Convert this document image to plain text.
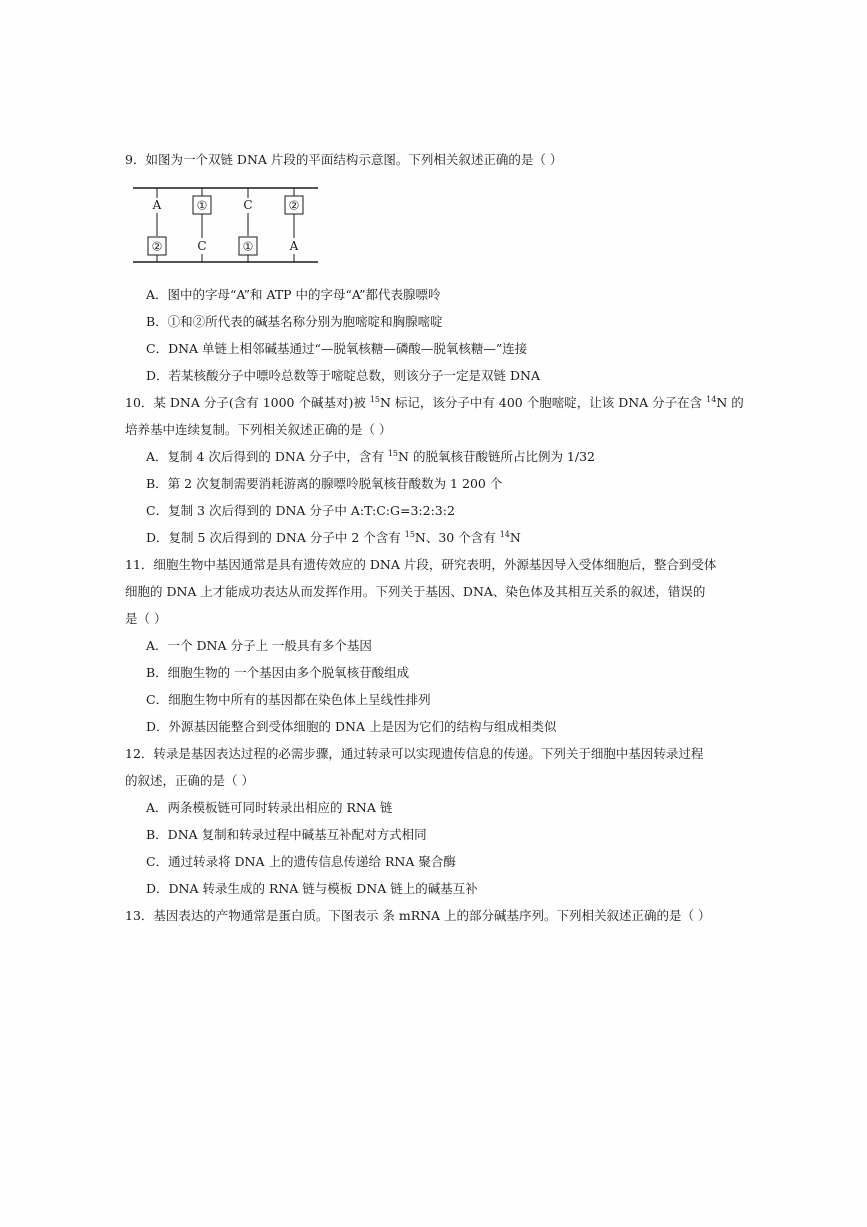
9．如图为一个双链 DNA 片段的平面结构示意图。下列相关叙述正确的是（ ）
A
②
①
C
C
①
②
A
A．图中的字母“A”和 ATP 中的字母“A”都代表腺嘌呤
B．①和②所代表的碱基名称分别为胞嘧啶和胸腺嘧啶
C．DNA 单链上相邻碱基通过“—脱氧核糖—磷酸—脱氧核糖—”连接
D．若某核酸分子中嘌呤总数等于嘧啶总数，则该分子一定是双链 DNA
10．某 DNA 分子(含有 1000 个碱基对)被 $^{15}$N 标记，该分子中有 400 个胞嘧啶，让该 DNA 分子在含 $^{14}$N 的
培养基中连续复制。下列相关叙述正确的是（ ）
A．复制 4 次后得到的 DNA 分子中，含有 $^{15}$N 的脱氧核苷酸链所占比例为 1/32
B．第 2 次复制需要消耗游离的腺嘌呤脱氧核苷酸数为 1 200 个
C．复制 3 次后得到的 DNA 分子中 A:T:C:G=3:2:3:2
D．复制 5 次后得到的 DNA 分子中 2 个含有 $^{15}$N、30 个含有 $^{14}$N
11．细胞生物中基因通常是具有遗传效应的 DNA 片段，研究表明，外源基因导入受体细胞后，整合到受体
细胞的 DNA 上才能成功表达从而发挥作用。下列关于基因、DNA、染色体及其相互关系的叙述，错误的
是（ ）
A．一个 DNA 分子上 一般具有多个基因
B．细胞生物的 一个基因由多个脱氧核苷酸组成
C．细胞生物中所有的基因都在染色体上呈线性排列
D．外源基因能整合到受体细胞的 DNA 上是因为它们的结构与组成相类似
12．转录是基因表达过程的必需步骤，通过转录可以实现遗传信息的传递。下列关于细胞中基因转录过程
的叙述，正确的是（ ）
A．两条模板链可同时转录出相应的 RNA 链
B．DNA 复制和转录过程中碱基互补配对方式相同
C．通过转录将 DNA 上的遗传信息传递给 RNA 聚合酶
D．DNA 转录生成的 RNA 链与模板 DNA 链上的碱基互补
13．基因表达的产物通常是蛋白质。下图表示 条 mRNA 上的部分碱基序列。下列相关叙述正确的是（ ）
